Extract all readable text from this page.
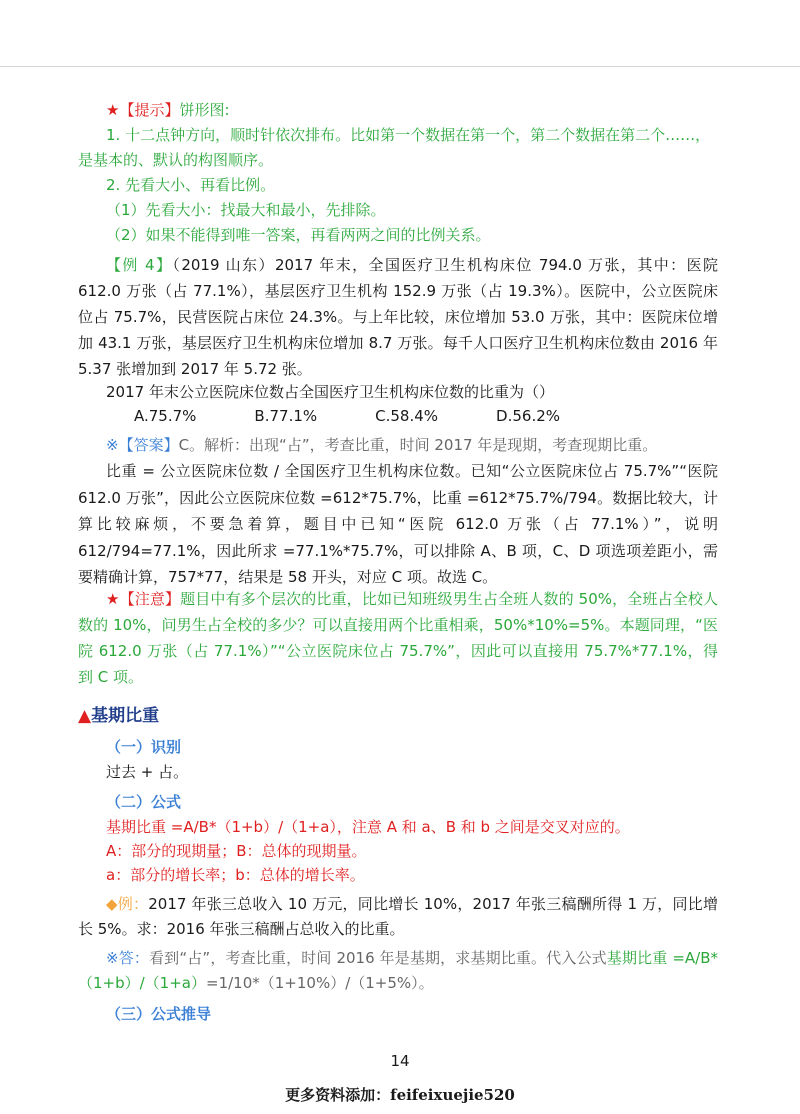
★【提示】饼形图:
1. 十二点钟方向，顺时针依次排布。比如第一个数据在第一个，第二个数据在第二个……，
是基本的、默认的构图顺序。
2. 先看大小、再看比例。
（1）先看大小：找最大和最小，先排除。
（2）如果不能得到唯一答案，再看两两之间的比例关系。

【例 4】（2019 山东）2017 年末，全国医疗卫生机构床位 794.0 万张，其中：医院 612.0 万张（占 77.1%），基层医疗卫生机构 152.9 万张（占 19.3%）。医院中，公立医院床位占 75.7%，民营医院占床位 24.3%。与上年比较，床位增加 53.0 万张，其中：医院床位增加 43.1 万张，基层医疗卫生机构床位增加 8.7 万张。每千人口医疗卫生机构床位数由 2016 年 5.37 张增加到 2017 年 5.72 张。

2017 年末公立医院床位数占全国医疗卫生机构床位数的比重为（）
A.75.7%	B.77.1%	C.58.4%	D.56.2%
※【答案】C。解析：出现“占”，考查比重，时间 2017 年是现期，考查现期比重。

比重 = 公立医院床位数 / 全国医疗卫生机构床位数。已知“公立医院床位占 75.7%”“医院 612.0 万张”，因此公立医院床位数 =612*75.7%，比重 =612*75.7%/794。数据比较大，计算比较麻烦，不要急着算，题目中已知“医院 612.0 万张（占 77.1%）”，说明 612/794=77.1%，因此所求 =77.1%*75.7%，可以排除 A、B 项，C、D 项选项差距小，需要精确计算，757*77，结果是 58 开头，对应 C 项。故选 C。

★【注意】题目中有多个层次的比重，比如已知班级男生占全班人数的 50%，全班占全校人数的 10%，问男生占全校的多少？可以直接用两个比重相乘，50%*10%=5%。本题同理，“医院 612.0 万张（占 77.1%）”“公立医院床位占 75.7%”，因此可以直接用 75.7%*77.1%，得到 C 项。

▲基期比重
（一）识别
过去 + 占。
（二）公式
基期比重 =A/B*（1+b）/（1+a），注意 A 和 a、B 和 b 之间是交叉对应的。
A：部分的现期量；B：总体的现期量。
a：部分的增长率；b：总体的增长率。

◆例：2017 年张三总收入 10 万元，同比增长 10%，2017 年张三稿酬所得 1 万，同比增长 5%。求：2016 年张三稿酬占总收入的比重。

※答：看到“占”，考查比重，时间 2016 年是基期，求基期比重。代入公式基期比重 =A/B*（1+b）/（1+a）=1/10*（1+10%）/（1+5%）。

（三）公式推导
14
更多资料添加：feifeixuejie520
